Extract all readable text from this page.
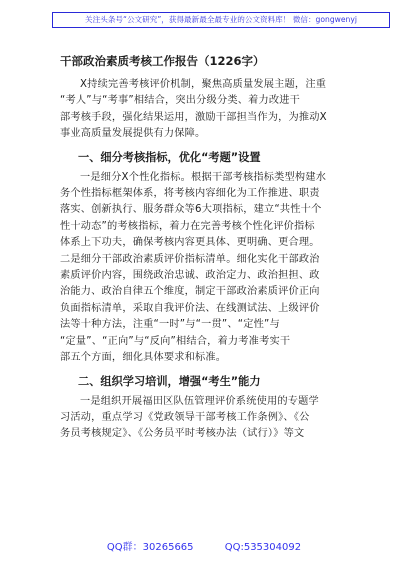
关注头条号“公文研究”，获得最新最全最专业的公文资料库！ 微信：gongwenyj
干部政治素质考核工作报告（1226字）
X持续完善考核评价机制，聚焦高质量发展主题，注重
“考人”与“考事”相结合，突出分级分类、着力改进干
部考核手段，强化结果运用，激励干部担当作为，为推动X
事业高质量发展提供有力保障。
一、细分考核指标，优化“考题”设置
一是细分X个性化指标。根据干部考核指标类型构建水
务个性指标框架体系，将考核内容细化为工作推进、职责
落实、创新执行、服务群众等6大项指标，建立“共性十个
性十动态”的考核指标，着力在完善考核个性化评价指标
体系上下功夫，确保考核内容更具体、更明确、更合理。
二是细分干部政治素质评价指标清单。细化实化干部政治
素质评价内容，围绕政治忠诚、政治定力、政治担担、政
治能力、政治自律五个维度，制定干部政治素质评价正向
负面指标清单，采取自我评价法、在线测试法、上级评价
法等十种方法，注重“一时”与“一贯”、“定性”与
“定量”、“正向”与“反向”相结合，着力考准考实干
部五个方面，细化具体要求和标准。
二、组织学习培训，增强“考生”能力
一是组织开展福田区队伍管理评价系统使用的专题学
习活动，重点学习《党政领导干部考核工作条例》、《公
务员考核规定》、《公务员平时考核办法（试行）》等文
QQ群：30265665	QQ:535304092
